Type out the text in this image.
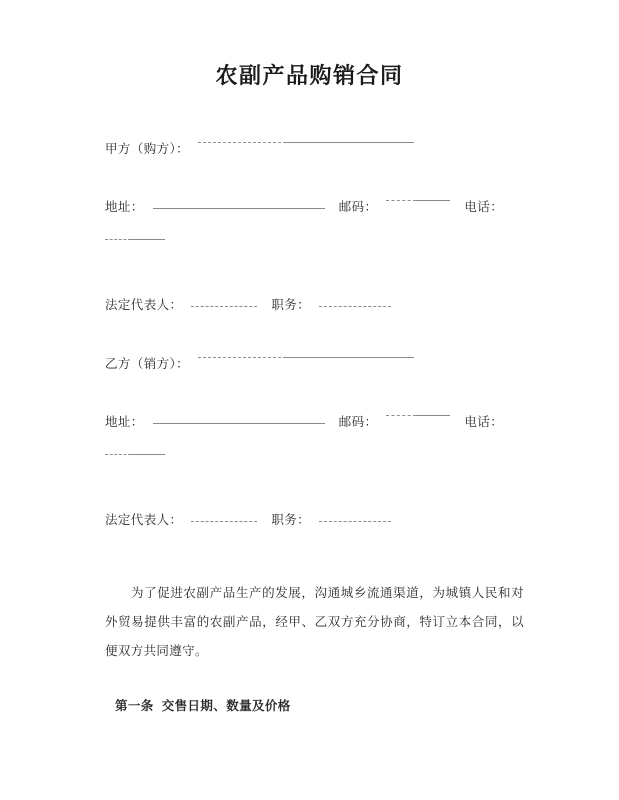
农副产品购销合同
甲方（购方）：
地址：	邮码：	电话：
法定代表人：	职务：
乙方（销方）：
地址：	邮码：	电话：
法定代表人：	职务：

为了促进农副产品生产的发展，沟通城乡流通渠道，为城镇人民和对外贸易提供丰富的农副产品，经甲、乙双方充分协商，特订立本合同，以便双方共同遵守。

第一条 交售日期、数量及价格
